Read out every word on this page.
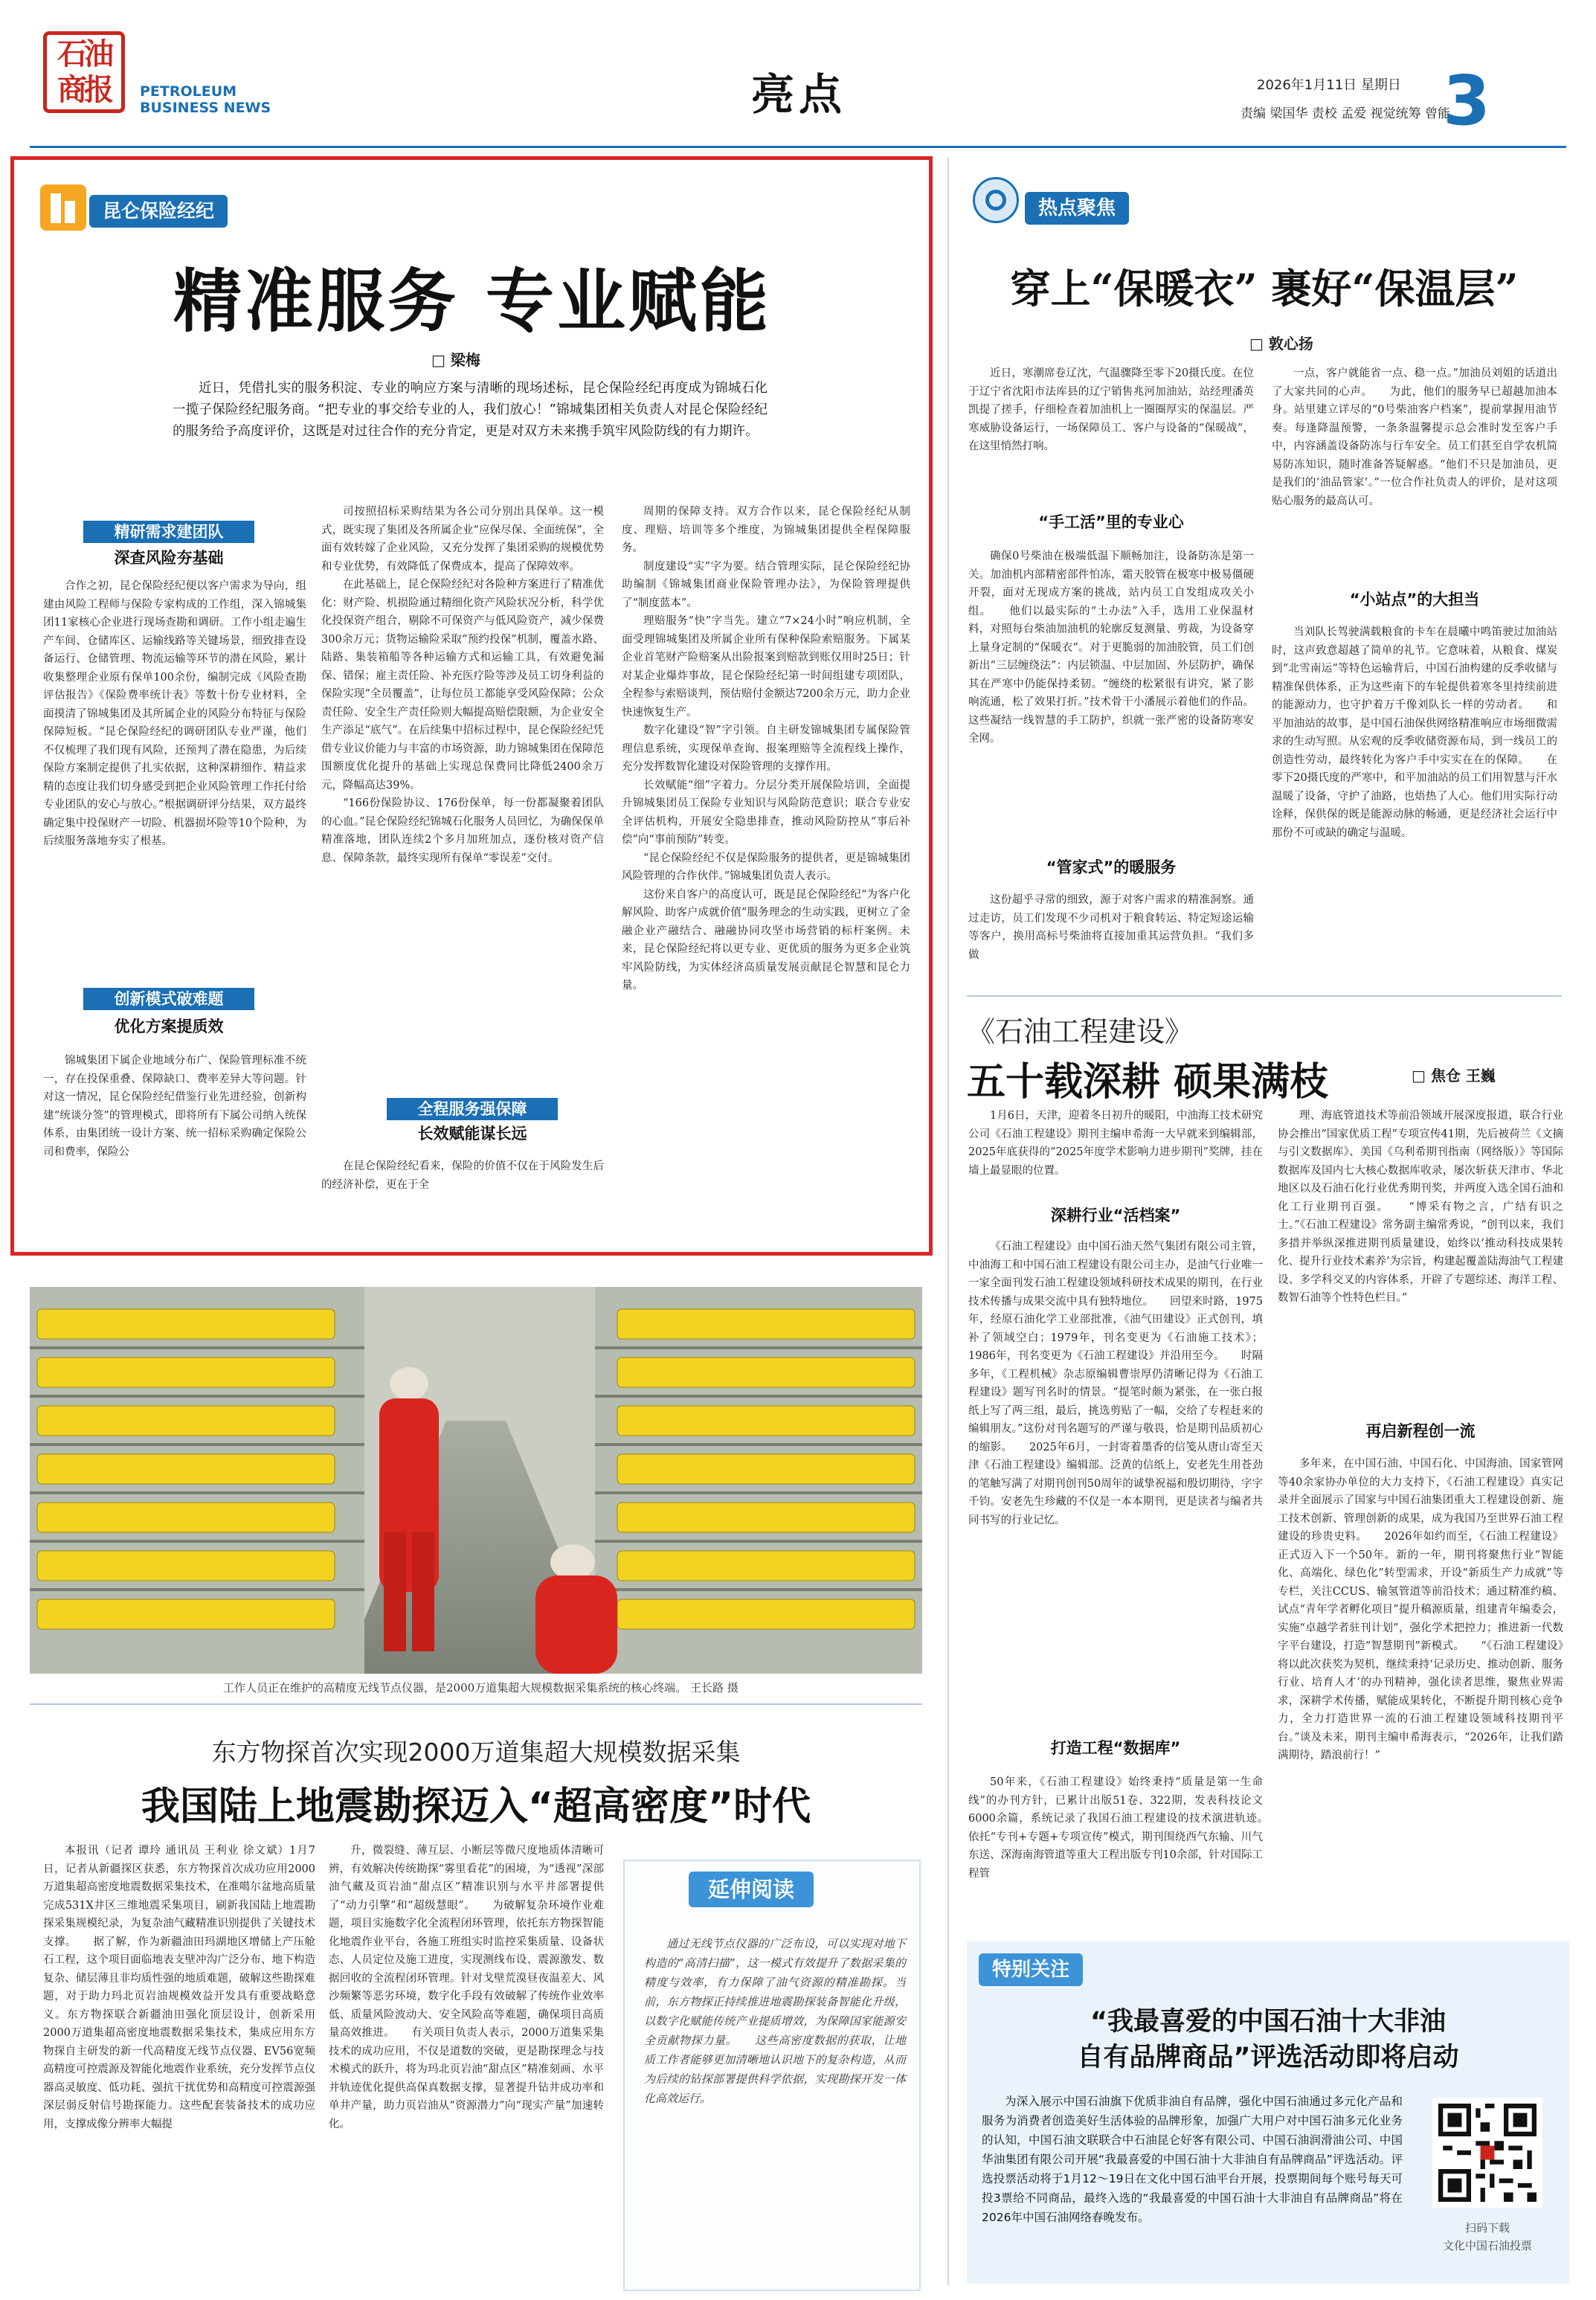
石油商报	PETROLEUM
BUSINESS NEWS	亮点	2026年1月11日 星期日
责编 梁国华 责校 孟爱 视觉统筹 曾能
3
昆仑保险经纪
精准服务 专业赋能
□ 梁梅
近日，凭借扎实的服务积淀、专业的响应方案与清晰的现场述标，昆仑保险经纪再度成为锦城石化一揽子保险经纪服务商。“把专业的事交给专业的人，我们放心！”锦城集团相关负责人对昆仑保险经纪的服务给予高度评价，这既是对过往合作的充分肯定，更是对双方未来携手筑牢风险防线的有力期许。
精研需求建团队
深查风险夯基础

合作之初，昆仑保险经纪便以客户需求为导向，组建由风险工程师与保险专家构成的工作组，深入锦城集团11家核心企业进行现场查勘和调研。工作小组走遍生产车间、仓储库区、运输线路等关键场景，细致排查设备运行、仓储管理、物流运输等环节的潜在风险，累计收集整理企业原有保单100余份，编制完成《风险查勘评估报告》《保险费率统计表》等数十份专业材料，全面摸清了锦城集团及其所属企业的风险分布特征与保险保障短板。“昆仑保险经纪的调研团队专业严谨，他们不仅梳理了我们现有风险，还预判了潜在隐患，为后续保险方案制定提供了扎实依据，这种深耕细作、精益求精的态度让我们切身感受到把企业风险管理工作托付给专业团队的安心与放心。”根据调研评分结果，双方最终确定集中投保财产一切险、机器损坏险等10个险种，为后续服务落地夯实了根基。

创新模式破难题
优化方案提质效

锦城集团下属企业地域分布广、保险管理标准不统一，存在投保重叠、保障缺口、费率差异大等问题。针对这一情况，昆仑保险经纪借鉴行业先进经验，创新构建“统谈分签”的管理模式，即将所有下属公司纳入统保体系，由集团统一设计方案、统一招标采购确定保险公司和费率，保险公

司按照招标采购结果为各公司分别出具保单。这一模式，既实现了集团及各所属企业“应保尽保、全面统保”，全面有效转嫁了企业风险，又充分发挥了集团采购的规模优势和专业优势，有效降低了保费成本，提高了保障效率。

在此基础上，昆仑保险经纪对各险种方案进行了精准优化：财产险、机损险通过精细化资产风险状况分析，科学优化投保资产组合，剔除不可保资产与低风险资产，减少保费300余万元；货物运输险采取“预约投保”机制，覆盖水路、陆路、集装箱船等各种运输方式和运输工具，有效避免漏保、错保；雇主责任险、补充医疗险等涉及员工切身利益的保险实现“全员覆盖”，让每位员工都能享受风险保障；公众责任险、安全生产责任险则大幅提高赔偿限额，为企业安全生产添足“底气”。在后续集中招标过程中，昆仑保险经纪凭借专业议价能力与丰富的市场资源，助力锦城集团在保障范围额度优化提升的基础上实现总保费同比降低2400余万元，降幅高达39%。

“166份保险协议、176份保单，每一份都凝聚着团队的心血。”昆仑保险经纪锦城石化服务人员回忆，为确保保单精准落地，团队连续2个多月加班加点，逐份核对资产信息、保障条款，最终实现所有保单“零误差”交付。

全程服务强保障
长效赋能谋长远

在昆仑保险经纪看来，保险的价值不仅在于风险发生后的经济补偿，更在于全

周期的保障支持。双方合作以来，昆仑保险经纪从制度、理赔、培训等多个维度，为锦城集团提供全程保障服务。

制度建设“实”字为要。结合管理实际，昆仑保险经纪协助编制《锦城集团商业保险管理办法》，为保险管理提供了“制度蓝本”。

理赔服务“快”字当先。建立“7×24小时”响应机制，全面受理锦城集团及所属企业所有保种保险索赔服务。下属某企业首笔财产险赔案从出险报案到赔款到账仅用时25日；针对某企业爆炸事故，昆仑保险经纪第一时间组建专项团队，全程参与索赔谈判，预估赔付金额达7200余万元，助力企业快速恢复生产。

数字化建设“智”字引领。自主研发锦城集团专属保险管理信息系统，实现保单查询、报案理赔等全流程线上操作，充分发挥数智化建设对保险管理的支撑作用。

长效赋能“细”字着力。分层分类开展保险培训，全面提升锦城集团员工保险专业知识与风险防范意识；联合专业安全评估机构，开展安全隐患排查，推动风险防控从“事后补偿”向“事前预防”转变。

“昆仑保险经纪不仅是保险服务的提供者，更是锦城集团风险管理的合作伙伴。”锦城集团负责人表示。

这份来自客户的高度认可，既是昆仑保险经纪“为客户化解风险、助客户成就价值”服务理念的生动实践，更树立了金融企业产融结合、融融协同攻坚市场营销的标杆案例。未来，昆仑保险经纪将以更专业、更优质的服务为更多企业筑牢风险防线，为实体经济高质量发展贡献昆仑智慧和昆仑力量。

工作人员正在维护的高精度无线节点仪器，是2000万道集超大规模数据采集系统的核心终端。 王长路 摄
东方物探首次实现2000万道集超大规模数据采集
我国陆上地震勘探迈入“超高密度”时代

本报讯（记者 谭玲 通讯员 王利业 徐文斌）1月7日，记者从新疆探区获悉，东方物探首次成功应用2000万道集超高密度地震数据采集技术，在准噶尔盆地高质量完成531X井区三维地震采集项目，刷新我国陆上地震勘探采集规模纪录，为复杂油气藏精准识别提供了关键技术支撑。　　据了解，作为新疆油田玛湖地区增储上产压舱石工程，这个项目面临地表支壁冲沟广泛分布、地下构造复杂、储层薄且非均质性强的地质难题，破解这些勘探难题，对于助力玛北页岩油规模效益开发具有重要战略意义。东方物探联合新疆油田强化顶层设计，创新采用2000万道集超高密度地震数据采集技术，集成应用东方物探自主研发的新一代高精度无线节点仪器、EV56宽频高精度可控震源及智能化地震作业系统，充分发挥节点仪器高灵敏度、低功耗、强抗干扰优势和高精度可控震源强深层弱反射信号勘探能力。这些配套装备技术的成功应用，支撑成像分辨率大幅提

升，微裂缝、薄互层、小断层等微尺度地质体清晰可辨，有效解决传统勘探“雾里看花”的困境，为“透视”深部油气藏及页岩油“甜点区”精准识别与水平井部署提供了“动力引擎”和“超级慧眼”。　　为破解复杂环境作业难题，项目实施数字化全流程闭环管理，依托东方物探智能化地震作业平台，各施工班组实时监控采集质量、设备状态、人员定位及施工进度，实现测线布设、震源激发、数据回收的全流程闭环管理。针对戈壁荒漠昼夜温差大、风沙频繁等恶劣环境，数字化手段有效破解了传统作业效率低、质量风险波动大、安全风险高等难题，确保项目高质量高效推进。　　有关项目负责人表示，2000万道集采集技术的成功应用，不仅是道数的突破，更是勘探理念与技术模式的跃升，将为玛北页岩油“甜点区”精准刻画、水平井轨迹优化提供高保真数据支撑，显著提升钻井成功率和单井产量，助力页岩油从“资源潜力”向“现实产量”加速转化。

延伸阅读
通过无线节点仪器的广泛布设，可以实现对地下构造的“高清扫描”，这一模式有效提升了数据采集的精度与效率，有力保障了油气资源的精准勘探。当前，东方物探正持续推进地震勘探装备智能化升级，以数字化赋能传统产业提质增效，为保障国家能源安全贡献物探力量。　　这些高密度数据的获取，让地质工作者能够更加清晰地认识地下的复杂构造，从而为后续的钻探部署提供科学依据，实现勘探开发一体化高效运行。
热点聚焦
穿上“保暖衣” 裹好“保温层”
□ 敦心扬

近日，寒潮席卷辽沈，气温骤降至零下20摄氏度。在位于辽宁省沈阳市法库县的辽宁销售兆河加油站，站经理潘英凯提了搓手，仔细检查着加油机上一圈圈厚实的保温层。严寒威胁设备运行，一场保障员工、客户与设备的“保暖战”，在这里悄然打响。

“手工活”里的专业心

确保0号柴油在极端低温下顺畅加注，设备防冻是第一关。加油机内部精密部件怕冻，霜天胶管在极寒中极易僵硬开裂，面对无现成方案的挑战，站内员工自发组成攻关小组。　　他们以最实际的“土办法”入手，选用工业保温材料，对照每台柴油加油机的轮廓反复测量、剪裁，为设备穿上量身定制的“保暖衣”。对于更脆弱的加油胶管，员工们创新出“三层缠绕法”：内层锁温、中层加固、外层防护，确保其在严寒中仍能保持柔韧。“缠绕的松紧很有讲究，紧了影响流通，松了效果打折。”技术骨干小潘展示着他们的作品。这些凝结一线智慧的手工防护，织就一张严密的设备防寒安全网。

“管家式”的暖服务

这份超乎寻常的细致，源于对客户需求的精准洞察。通过走访，员工们发现不少司机对于粮食转运、特定短途运输等客户，换用高标号柴油将直接加重其运营负担。“我们多做

一点，客户就能省一点、稳一点。”加油员刘姐的话道出了大家共同的心声。　　为此，他们的服务早已超越加油本身。站里建立详尽的“0号柴油客户档案”，提前掌握用油节奏。每逢降温预警，一条条温馨提示总会准时发至客户手中，内容涵盖设备防冻与行车安全。员工们甚至自学农机简易防冻知识，随时准备答疑解惑。“他们不只是加油员，更是我们的‘油品管家’。”一位合作社负责人的评价，是对这项贴心服务的最高认可。

“小站点”的大担当

当刘队长驾驶满载粮食的卡车在晨曦中鸣笛驶过加油站时，这声致意超越了简单的礼节。它意味着，从粮食、煤炭到“北雪南运”等特色运输背后，中国石油构建的反季收储与精准保供体系，正为这些南下的车轮提供着寒冬里持续前进的能源动力，也守护着万千像刘队长一样的劳动者。　　和平加油站的故事，是中国石油保供网络精准响应市场细微需求的生动写照。从宏观的反季收储资源布局，到一线员工的创造性劳动，最终转化为客户手中实实在在的保障。　　在零下20摄氏度的严寒中，和平加油站的员工们用智慧与汗水温暖了设备，守护了油路，也焐热了人心。他们用实际行动诠释，保供保的既是能源动脉的畅通，更是经济社会运行中那份不可或缺的确定与温暖。

《石油工程建设》
五十载深耕 硕果满枝	□ 焦仓 王巍

1月6日，天津，迎着冬日初升的暖阳，中油海工技术研究公司《石油工程建设》期刊主编申希海一大早就来到编辑部，2025年底获得的“2025年度学术影响力进步期刊”奖牌，挂在墙上最显眼的位置。

深耕行业“活档案”

《石油工程建设》由中国石油天然气集团有限公司主管，中油海工和中国石油工程建设有限公司主办，是油气行业唯一一家全面刊发石油工程建设领域科研技术成果的期刊，在行业技术传播与成果交流中具有独特地位。　　回望来时路，1975年，经原石油化学工业部批准，《油气田建设》正式创刊，填补了领域空白；1979年，刊名变更为《石油施工技术》；1986年，刊名变更为《石油工程建设》并沿用至今。　　时隔多年，《工程机械》杂志原编辑曹崇厚仍清晰记得为《石油工程建设》题写刊名时的情景。“提笔时颇为紧张，在一张白报纸上写了两三组，最后，挑选剪贴了一幅，交给了专程赶来的编辑朋友。”这份对刊名题写的严谨与敬畏，恰是期刊品质初心的缩影。　　2025年6月，一封寄着墨香的信笺从唐山寄至天津《石油工程建设》编辑部。泛黄的信纸上，安老先生用苍劲的笔触写满了对期刊创刊50周年的诚挚祝福和殷切期待，字字千钧。安老先生珍藏的不仅是一本本期刊，更是读者与编者共同书写的行业记忆。

打造工程“数据库”

50年来，《石油工程建设》始终秉持“质量是第一生命线”的办刊方针，已累计出版51卷、322期，发表科技论文6000余篇，系统记录了我国石油工程建设的技术演进轨迹。　　依托“专刊+专题+专项宣传”模式，期刊围绕西气东输、川气东送、深海南海管道等重大工程出版专刊10余部，针对国际工程管

理、海底管道技术等前沿领域开展深度报道，联合行业协会推出“国家优质工程”专项宣传41期，先后被荷兰《文摘与引文数据库》、美国《乌利希期刊指南（网络版）》等国际数据库及国内七大核心数据库收录，屡次斩获天津市、华北地区以及石油石化行业优秀期刊奖，并两度入选全国石油和化工行业期刊百强。　　“博采有物之言，广结有识之士。”《石油工程建设》常务副主编常秀说，“创刊以来，我们多措并举纵深推进期刊质量建设，始终以‘推动科技成果转化、提升行业技术素养’为宗旨，构建起覆盖陆海油气工程建设、多学科交叉的内容体系，开辟了专题综述、海洋工程、数智石油等个性特色栏目。”

再启新程创一流

多年来，在中国石油、中国石化、中国海油、国家管网等40余家协办单位的大力支持下，《石油工程建设》真实记录并全面展示了国家与中国石油集团重大工程建设创新、施工技术创新、管理创新的成果，成为我国乃至世界石油工程建设的珍贵史料。　　2026年如约而至，《石油工程建设》正式迈入下一个50年。新的一年，期刊将聚焦行业“智能化、高端化、绿色化”转型需求，开设“新质生产力成就”等专栏，关注CCUS、输氢管道等前沿技术；通过精准约稿、试点“青年学者孵化项目”提升稿源质量，组建青年编委会，实施“卓越学者驻刊计划”，强化学术把控力；推进新一代数字平台建设，打造“智慧期刊”新模式。　　“《石油工程建设》将以此次获奖为契机，继续秉持‘记录历史、推动创新、服务行业、培育人才’的办刊精神，强化读者思维，聚焦业界需求，深耕学术传播，赋能成果转化，不断提升期刊核心竞争力，全力打造世界一流的石油工程建设领域科技期刊平台。”谈及未来，期刊主编申希海表示，“2026年，让我们踏满期待，踏浪前行！”

特别关注
“我最喜爱的中国石油十大非油
自有品牌商品”评选活动即将启动
为深入展示中国石油旗下优质非油自有品牌，强化中国石油通过多元化产品和服务为消费者创造美好生活体验的品牌形象，加强广大用户对中国石油多元化业务的认知，中国石油文联联合中石油昆仑好客有限公司、中国石油润滑油公司、中国华油集团有限公司开展“我最喜爱的中国石油十大非油自有品牌商品”评选活动。评选投票活动将于1月12～19日在文化中国石油平台开展，投票期间每个账号每天可投3票给不同商品，最终入选的“我最喜爱的中国石油十大非油自有品牌商品”将在2026年中国石油网络春晚发布。
扫码下载
文化中国石油投票
